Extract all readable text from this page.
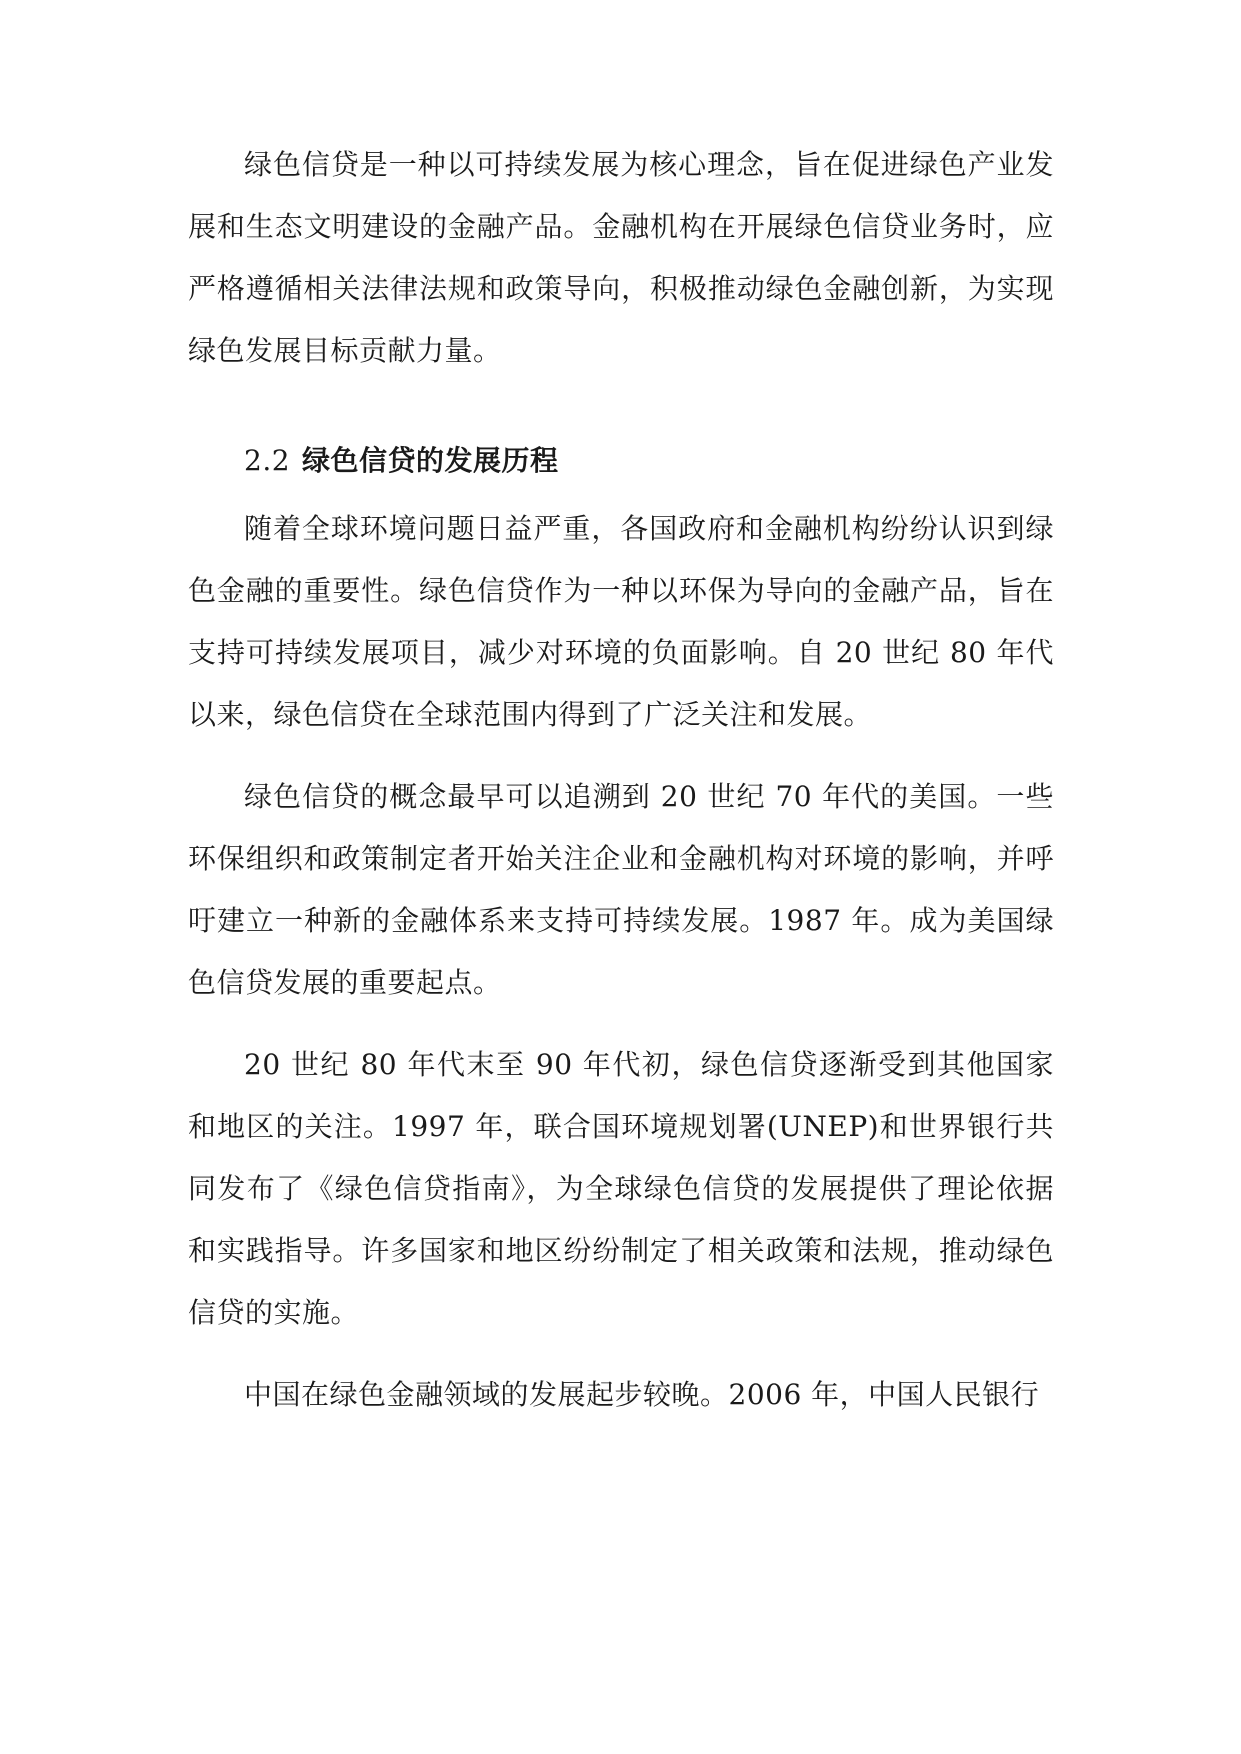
绿色信贷是一种以可持续发展为核心理念，旨在促进绿色产业发展和生态文明建设的金融产品。金融机构在开展绿色信贷业务时，应严格遵循相关法律法规和政策导向，积极推动绿色金融创新，为实现绿色发展目标贡献力量。

2.2 绿色信贷的发展历程

随着全球环境问题日益严重，各国政府和金融机构纷纷认识到绿色金融的重要性。绿色信贷作为一种以环保为导向的金融产品，旨在支持可持续发展项目，减少对环境的负面影响。自 20 世纪 80 年代以来，绿色信贷在全球范围内得到了广泛关注和发展。

绿色信贷的概念最早可以追溯到 20 世纪 70 年代的美国。一些环保组织和政策制定者开始关注企业和金融机构对环境的影响，并呼吁建立一种新的金融体系来支持可持续发展。1987 年。成为美国绿色信贷发展的重要起点。

20 世纪 80 年代末至 90 年代初，绿色信贷逐渐受到其他国家和地区的关注。1997 年，联合国环境规划署(UNEP)和世界银行共同发布了《绿色信贷指南》，为全球绿色信贷的发展提供了理论依据和实践指导。许多国家和地区纷纷制定了相关政策和法规，推动绿色信贷的实施。

中国在绿色金融领域的发展起步较晚。2006 年，中国人民银行
